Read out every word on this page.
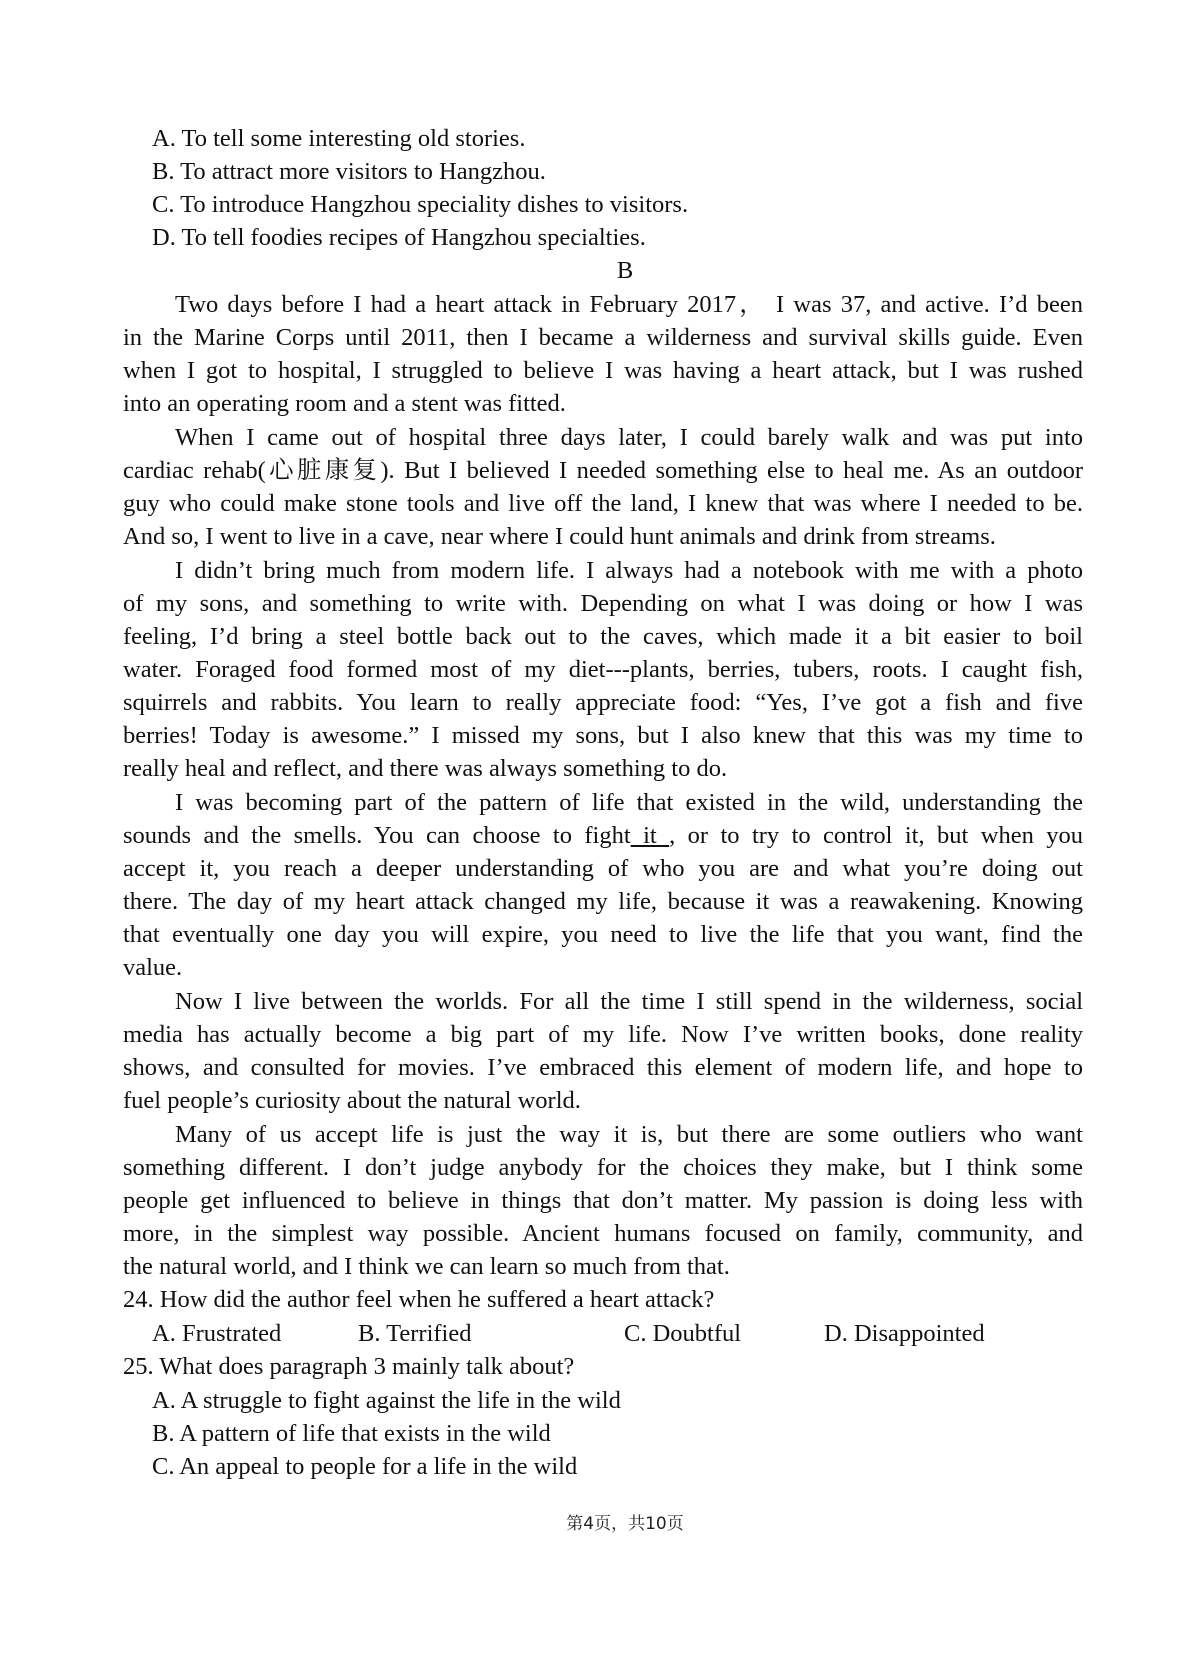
A. To tell some interesting old stories.
B. To attract more visitors to Hangzhou.
C. To introduce Hangzhou speciality dishes to visitors.
D. To tell foodies recipes of Hangzhou specialties.
B
Two days before I had a heart attack in February 2017， I was 37, and active. I’d been
in the Marine Corps until 2011, then I became a wilderness and survival skills guide. Even
when I got to hospital, I struggled to believe I was having a heart attack, but I was rushed
into an operating room and a stent was fitted.
When I came out of hospital three days later, I could barely walk and was put into
cardiac rehab(心脏康复). But I believed I needed something else to heal me. As an outdoor
guy who could make stone tools and live off the land, I knew that was where I needed to be.
And so, I went to live in a cave, near where I could hunt animals and drink from streams.
I didn’t bring much from modern life. I always had a notebook with me with a photo
of my sons, and something to write with. Depending on what I was doing or how I was
feeling, I’d bring a steel bottle back out to the caves, which made it a bit easier to boil
water. Foraged food formed most of my diet---plants, berries, tubers, roots. I caught fish,
squirrels and rabbits. You learn to really appreciate food: “Yes, I’ve got a fish and five
berries! Today is awesome.” I missed my sons, but I also knew that this was my time to
really heal and reflect, and there was always something to do.
I was becoming part of the pattern of life that existed in the wild, understanding the
sounds and the smells. You can choose to fight it , or to try to control it, but when you
accept it, you reach a deeper understanding of who you are and what you’re doing out
there. The day of my heart attack changed my life, because it was a reawakening. Knowing
that eventually one day you will expire, you need to live the life that you want, find the
value.
Now I live between the worlds. For all the time I still spend in the wilderness, social
media has actually become a big part of my life. Now I’ve written books, done reality
shows, and consulted for movies. I’ve embraced this element of modern life, and hope to
fuel people’s curiosity about the natural world.
Many of us accept life is just the way it is, but there are some outliers who want
something different. I don’t judge anybody for the choices they make, but I think some
people get influenced to believe in things that don’t matter. My passion is doing less with
more, in the simplest way possible. Ancient humans focused on family, community, and
the natural world, and I think we can learn so much from that.
24. How did the author feel when he suffered a heart attack?
A. Frustrated	B. Terrified	C. Doubtful	D. Disappointed
25. What does paragraph 3 mainly talk about?
A. A struggle to fight against the life in the wild
B. A pattern of life that exists in the wild
C. An appeal to people for a life in the wild
第4页，共10页
